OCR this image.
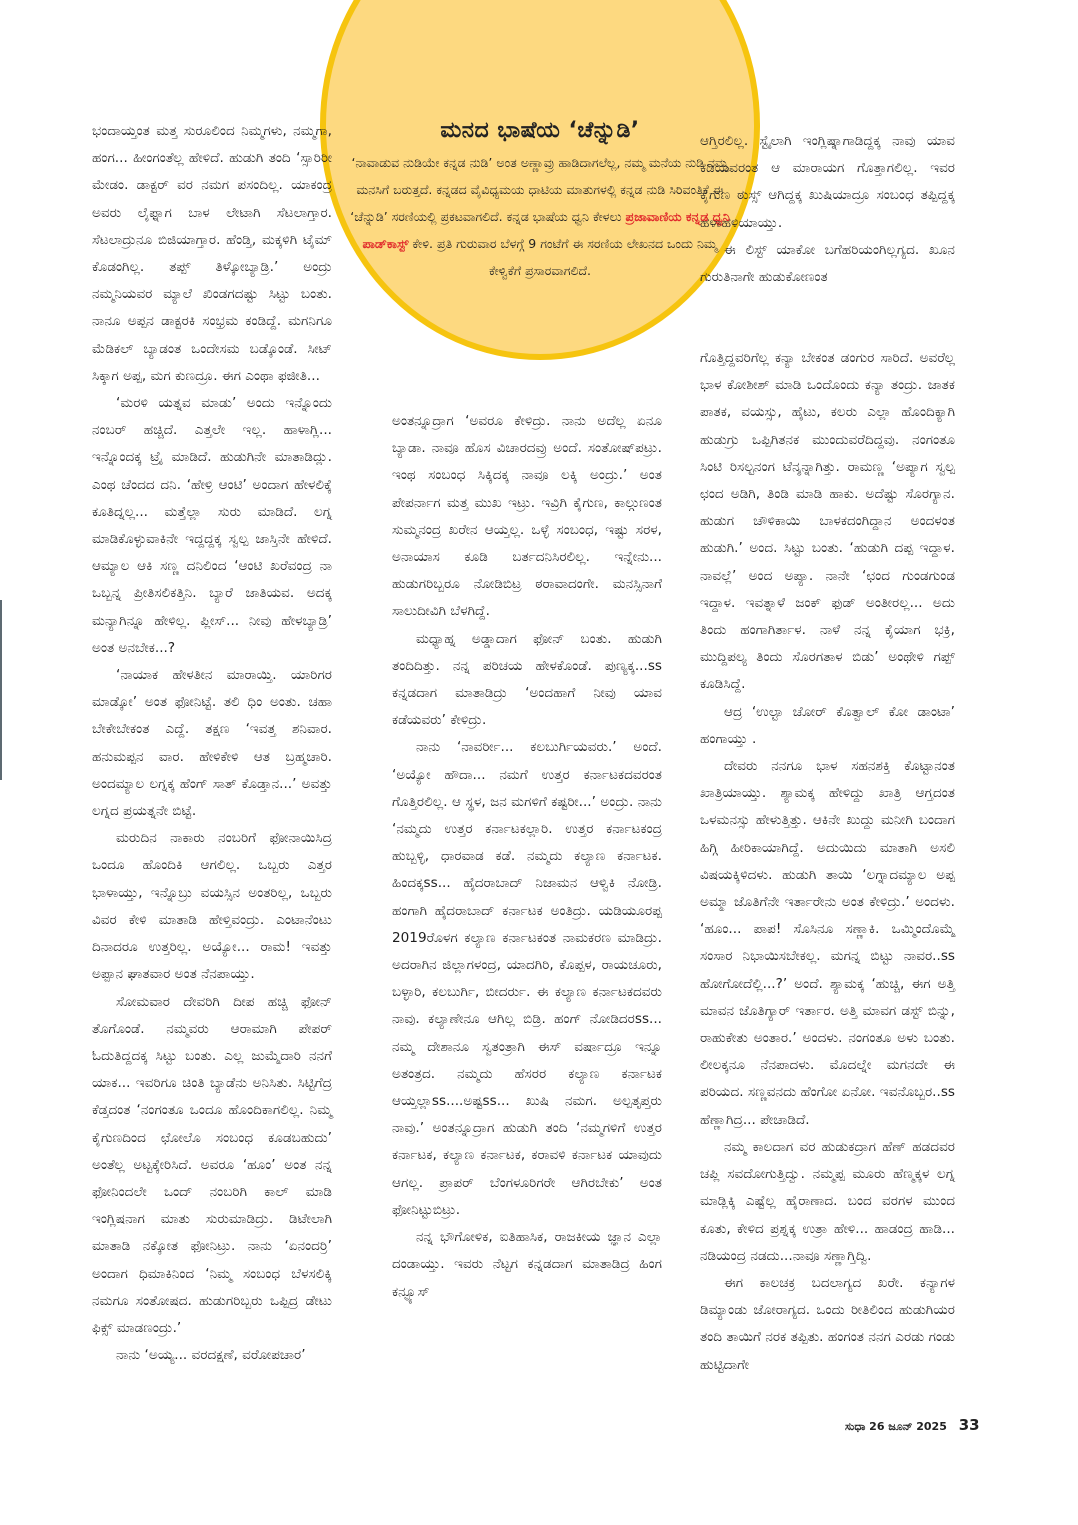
ಮನದ ಭಾಷೆಯ ‘ಚೆನ್ನುಡಿ’
‘ನಾವಾಡುವ ನುಡಿಯೇ ಕನ್ನಡ ನುಡಿ’ ಅಂತ ಅಣ್ಣಾವ್ರು ಹಾಡಿದಾಗಲೆಲ್ಲ, ನಮ್ಮ ಮನೆಯ ನುಡಿ ನಮ್ಮ ಮನಸಿಗೆ ಬರುತ್ತದೆ. ಕನ್ನಡದ ವೈವಿಧ್ಯಮಯ ಧಾಟಿಯ ಮಾತುಗಳಲ್ಲಿ ಕನ್ನಡ ನುಡಿ ಸಿರಿವಂತಿಕೆ ಈ ‘ಚೆನ್ನುಡಿ’ ಸರಣಿಯಲ್ಲಿ ಪ್ರಕಟವಾಗಲಿದೆ. ಕನ್ನಡ ಭಾಷೆಯ ಧ್ವನಿ ಕೇಳಲು ಪ್ರಜಾವಾಣಿಯ ಕನ್ನಡ ಧ್ವನಿ ಪಾಡ್‌ಕಾಸ್ಟ್ ಕೇಳಿ. ಪ್ರತಿ ಗುರುವಾರ ಬೆಳಗ್ಗೆ 9 ಗಂಟೆಗೆ ಈ ಸರಣಿಯ ಲೇಖನದ ಒಂದು ನಿಮ್ಮ ಕೇಳ್ವಿಕೆಗೆ ಪ್ರಸಾರವಾಗಲಿದೆ.

ಭಂದಾಯ್ತಂತ ಮತ್ತ ಸುರೂಲಿಂದ ನಿಮ್ಮಗಳು, ನಮ್ಮಗಾ, ಹಂಗ... ಹೀಂಗಂತೆಲ್ಲ ಹೇಳಿದೆ. ಹುಡುಗಿ ತಂದಿ ‘ಸ್ಸಾರಿರೀ ಮೇಡಂ. ಡಾಕ್ಟರ್ ವರ ನಮಗ ಪಸಂದಿಲ್ಲ. ಯಾಕಂದ್ರ ಅವರು ಲೈಫ್ನಾಗ ಬಾಳ ಲೇಟಾಗಿ ಸೆಟಲಾಗ್ತಾರ. ಸೆಟಲಾದ್ರುನೂ ಬಿಜಿಯಾಗ್ತಾರ. ಹೆಂಡ್ತಿ, ಮಕ್ಕಳಿಗಿ ಟೈಮ್ ಕೊಡಂಗಿಲ್ಲ. ತಪ್ಪ್ ತಿಳ್ಕೋಬ್ಯಾಡ್ರಿ.’ ಅಂದ್ರು ನಮ್ಮನಿಯವರ ಮ್ಯಾಲೆ ಖಿಂಡಗದಷ್ಟು ಸಿಟ್ಟು ಬಂತು. ನಾನೂ ಅಪ್ಪನ ಡಾಕ್ಟರಕಿ ಸಂಭ್ರಮ ಕಂಡಿದ್ದೆ. ಮಗನಿಗೂ ಮೆಡಿಕಲ್ ಬ್ಯಾಡಂತ ಒಂದೇಸಮ ಬಡ್ಕೊಂಡೆ. ಸೀಟ್ ಸಿಕ್ಕಾಗ ಅಪ್ಪ, ಮಗ ಕುಣದ್ರೂ. ಈಗ ಎಂಥಾ ಫಜೀತಿ...

‘ಮರಳಿ ಯತ್ನವ ಮಾಡು’ ಅಂದು ಇನ್ನೊಂದು ನಂಬರ್ ಹಚ್ಚಿದೆ. ಎತ್ತಲೇ ಇಲ್ಲ. ಹಾಳಾಗ್ಲಿ... ಇನ್ನೊಂದಕ್ಕ ಟ್ರೈ ಮಾಡಿದೆ. ಹುಡುಗಿನೇ ಮಾತಾಡಿದ್ಲು. ಎಂಥ ಚೆಂದದ ದನಿ. ‘ಹೇಳ್ರಿ ಆಂಟಿ’ ಅಂದಾಗ ಹೇಳಲಿಕ್ಕೆ ಕೂತಿದ್ನಲ್ಲ... ಮತ್ತೆಲ್ಲಾ ಸುರು ಮಾಡಿದೆ. ಲಗ್ನ ಮಾಡಿಕೊಳ್ಳುವಾಕಿನೇ ಇದ್ದದ್ದಕ್ಕ ಸ್ವಲ್ಪ ಜಾಸ್ತಿನೇ ಹೇಳಿದೆ. ಆಮ್ಯಾಲ ಆಕಿ ಸಣ್ಣ ದನಿಲಿಂದ ‘ಆಂಟಿ ಖರೆವಂದ್ರ ನಾ ಒಬ್ಬನ್ನ ಪ್ರೀತಿಸಲಿಕತ್ತಿನಿ. ಬ್ಯಾರೆ ಜಾತಿಯವ. ಅದಕ್ಕ ಮನ್ಯಾಗಿನ್ನೂ ಹೇಳಿಲ್ಲ. ಪ್ಲೀಸ್... ನೀವು ಹೇಳಬ್ಯಾಡ್ರಿ’ ಅಂತ ಅನಬೇಕ...?

‘ನಾಯಾಕ ಹೇಳತೀನ ಮಾರಾಯ್ತಿ. ಯಾರಿಗರ ಮಾಡ್ಕೋ’ ಅಂತ ಫೋನಿಟ್ಟೆ. ತಲಿ ಧಿಂ ಅಂತು. ಚಹಾ ಬೇಕೇಬೇಕಂತ ಎದ್ದೆ. ತಕ್ಷಣ ‘ಇವತ್ತ ಶನಿವಾರ. ಹನುಮಪ್ಪನ ವಾರ. ಹೇಳಿಕೇಳಿ ಆತ ಬ್ರಹ್ಮಚಾರಿ. ಅಂದಮ್ಯಾಲ ಲಗ್ನಕ್ಕ ಹೆಂಗ್ ಸಾತ್ ಕೊಡ್ತಾನ...’ ಅವತ್ತು ಲಗ್ನದ ಪ್ರಯತ್ನನೇ ಬಿಟ್ಟೆ.

ಮರುದಿನ ನಾಕಾರು ನಂಬರಿಗೆ ಫೋನಾಯಿಸಿದ್ರ ಒಂದೂ ಹೊಂದಿಕಿ ಆಗಲಿಲ್ಲ. ಒಬ್ಬರು ಎತ್ತರ ಭಾಳಾಯ್ತು, ಇನ್ನೊಬ್ರು ವಯಸ್ಸಿನ ಅಂತರಿಲ್ಲ, ಒಬ್ಬರು ವಿವರ ಕೇಳಿ ಮಾತಾಡಿ ಹೇಳ್ತಿವಂದ್ರು. ಎಂಟಾನೆಂಟು ದಿನಾದರೂ ಉತ್ತರಿಲ್ಲ. ಅಯ್ಯೋ... ರಾಮ! ಇವತ್ತು ಅಪ್ಪಾನ ಘಾತವಾರ ಅಂತ ನೆನಪಾಯ್ತು.

ಸೋಮವಾರ ದೇವರಿಗಿ ದೀಪ ಹಚ್ಚಿ ಫೋನ್ ತೊಗೊಂಡೆ. ನಮ್ಮವರು ಆರಾಮಾಗಿ ಪೇಪರ್ ಓದುತಿದ್ದದಕ್ಕ ಸಿಟ್ಟು ಬಂತು. ಎಲ್ಲ ಜುಮ್ಮೆದಾರಿ ನನಗೆ ಯಾಕ... ಇವರಿಗೂ ಚಿಂತಿ ಬ್ಯಾಡೆನು ಅನಿಸಿತು. ಸಿಟ್ಟಿಗೆದ್ರ ಕೆಡ್ತದಂತ ‘ನಂಗಂತೂ ಒಂದೂ ಹೊಂದಿಕಾಗಲಿಲ್ಲ. ನಿಮ್ಮ ಕೈಗುಣದಿಂದ ಛೋಲೊ ಸಂಬಂಧ ಕೂಡಬಹುದು’ ಅಂತೆಲ್ಲ ಅಟ್ಟಕ್ಕೇರಿಸಿದೆ. ಅವರೂ ‘ಹೂಂ’ ಅಂತ ನನ್ನ ಫೋನಿಂದಲೇ ಒಂದ್ ನಂಬರಿಗಿ ಕಾಲ್ ಮಾಡಿ ಇಂಗ್ಲಿಷನಾಗ ಮಾತು ಸುರುಮಾಡಿದ್ರು. ಡಿಟೇಲಾಗಿ ಮಾತಾಡಿ ನಕ್ಕೋತ ಫೋನಿಟ್ರು. ನಾನು ‘ಏನಂದರ್ರಿ’ ಅಂದಾಗ ಧಿಮಾಕಿನಿಂದ ‘ನಿಮ್ಮ ಸಂಬಂಧ ಬೆಳಸಲಿಕ್ಕಿ ನಮಗೂ ಸಂತೋಷದ. ಹುಡುಗರಿಬ್ಬರು ಒಪ್ಪಿದ್ರ ಡೇಟು ಫಿಕ್ಸ್ ಮಾಡಣಂದ್ರು.’

ನಾನು ‘ಅಯ್ಯ... ವರದಕ್ಷಣೆ, ವರೋಪಚಾರ’

ಅಂತನ್ನೂದ್ರಾಗ ‘ಅವರೂ ಕೇಳಿದ್ರು. ನಾನು ಅದೆಲ್ಲ ಏನೂ ಬ್ಯಾಡಾ. ನಾವೂ ಹೊಸ ವಿಚಾರದವ್ರು ಅಂದೆ. ಸಂತೋಷ್‌ಪಟ್ರು. ಇಂಥ ಸಂಬಂಧ ಸಿಕ್ಕಿದಕ್ಕ ನಾವೂ ಲಕ್ಕಿ ಅಂದ್ರು.’ ಅಂತ ಪೇಪರ್ನಾಗ ಮತ್ತ ಮುಖ ಇಟ್ರು. ಇವ್ರಿಗಿ ಕೈಗುಣ, ಕಾಲ್ಗುಣಂತ ಸುಮ್ಮನಂದ್ರ ಖರೇನ ಆಯ್ತಲ್ಲ. ಒಳ್ಳೆ ಸಂಬಂಧ, ಇಷ್ಟು ಸರಳ, ಅನಾಯಾಸ ಕೂಡಿ ಬರ್ತದನಿಸಿರಲಿಲ್ಲ. ಇನ್ನೇನು... ಹುಡುಗರಿಬ್ಬರೂ ನೋಡಿಬಿಟ್ರ ಠರಾವಾದಂಗೇ. ಮನಸ್ಸಿನಾಗೆ ಸಾಲುದೀವಿಗಿ ಬೆಳಗಿದ್ದೆ.

ಮಧ್ಯಾಹ್ನ ಅಡ್ಡಾದಾಗ ಫೋನ್ ಬಂತು. ಹುಡುಗಿ ತಂದಿದಿತ್ತು. ನನ್ನ ಪರಿಚಯ ಹೇಳಕೊಂಡೆ. ಪುಣ್ಯಕ್ಕ...ss ಕನ್ನಡದಾಗ ಮಾತಾಡಿದ್ರು ‘ಅಂದಹಾಗೆ ನೀವು ಯಾವ ಕಡೆಯವರು’ ಕೇಳಿದ್ರು.

ನಾನು ‘ನಾವರ್ರೀ... ಕಲಬುರ್ಗಿಯವರು.’ ಅಂದೆ. ‘ಅಯ್ಯೋ ಹೌದಾ... ನಮಗೆ ಉತ್ತರ ಕರ್ನಾಟಕದವರಂತ ಗೊತ್ತಿರಲಿಲ್ಲ. ಆ ಸ್ಥಳ, ಜನ ಮಗಳಿಗೆ ಕಷ್ಟರೀ...’ ಅಂದ್ರು. ನಾನು ‘ನಮ್ಮದು ಉತ್ತರ ಕರ್ನಾಟಕಲ್ಲಾರಿ. ಉತ್ತರ ಕರ್ನಾಟಕಂದ್ರ ಹುಬ್ಬಳ್ಳಿ, ಧಾರವಾಡ ಕಡೆ. ನಮ್ಮದು ಕಲ್ಯಾಣ ಕರ್ನಾಟಕ. ಹಿಂದಕ್ಕss... ಹೈದರಾಬಾದ್ ನಿಜಾಮನ ಆಳ್ವಿಕಿ ನೋಡ್ರಿ. ಹಂಗಾಗಿ ಹೈದರಾಬಾದ್ ಕರ್ನಾಟಕ ಅಂತಿದ್ರು. ಯಡಿಯೂರಪ್ಪ 2019ರೊಳಗ ಕಲ್ಯಾಣ ಕರ್ನಾಟಕಂತ ನಾಮಕರಣ ಮಾಡಿದ್ರು. ಅದರಾಗಿನ ಜಿಲ್ಲಾಗಳಂದ್ರ, ಯಾದಗಿರಿ, ಕೊಪ್ಪಳ, ರಾಯಚೂರು, ಬಳ್ಳಾರಿ, ಕಲಬುರ್ಗಿ, ಬೀದರ್ರು. ಈ ಕಲ್ಯಾಣ ಕರ್ನಾಟಕದವರು ನಾವು. ಕಲ್ಯಾಣೇನೂ ಆಗಿಲ್ಲ ಬಿಡ್ರಿ. ಹಂಗ್ ನೋಡಿದರss... ನಮ್ಮ ದೇಶಾನೂ ಸ್ವತಂತ್ರಾಗಿ ಈಸ್ ವರ್ಷಾದ್ರೂ ಇನ್ನೂ ಅತಂತ್ರದ. ನಮ್ಮದು ಹೆಸರರ ಕಲ್ಯಾಣ ಕರ್ನಾಟಕ ಆಯ್ತಲ್ಲಾss....ಅಷ್ಟss... ಖುಷಿ ನಮಗ. ಅಲ್ಪತೃಪ್ತರು ನಾವು.’ ಅಂತನ್ನೂದ್ರಾಗ ಹುಡುಗಿ ತಂದಿ ‘ನಮ್ಮಗಳಿಗೆ ಉತ್ತರ ಕರ್ನಾಟಕ, ಕಲ್ಯಾಣ ಕರ್ನಾಟಕ, ಕರಾವಳಿ ಕರ್ನಾಟಕ ಯಾವುದು ಆಗಲ್ಲ. ಪ್ರಾಪರ್ ಬೆಂಗಳೂರಿಗರೇ ಆಗಿರಬೇಕು’ ಅಂತ ಫೋನಿಟ್ಟುಬಿಟ್ರು.

ನನ್ನ ಭೌಗೋಳಿಕ, ಐತಿಹಾಸಿಕ, ರಾಜಕೀಯ ಜ್ಞಾನ ಎಲ್ಲಾ ದಂಡಾಯ್ತು. ಇವರು ನೆಟ್ಟಗ ಕನ್ನಡದಾಗ ಮಾತಾಡಿದ್ರ ಹಿಂಗ ಕನ್ಫ್ಯೂಸ್

ಆಗ್ತಿರಲಿಲ್ಲ. ಸ್ಟೈಲಾಗಿ ಇಂಗ್ಲಿಷ್ನಾಗಾಡಿದ್ದಕ್ಕ ನಾವು ಯಾವ ಕಡಿಯವರಂತ ಆ ಮಾರಾಯಗ ಗೊತ್ತಾಗಲಿಲ್ಲ. ಇವರ ಕೈಗುಣ ಠುಸ್ಸ್ ಆಗಿದ್ದಕ್ಕ ಖುಷಿಯಾದ್ರೂ ಸಂಬಂಧ ತಪ್ಪಿದ್ದಕ್ಕ ಹಳಾಹಳಿಯಾಯ್ತು.

ಈ ಲಿಸ್ಟ್ ಯಾಕೋ ಬಗೆಹರಿಯಂಗಿಲ್ಲಗ್ಯದ. ಖೂನ ಗುರುತಿನಾಗೇ ಹುಡುಕೋಣಂತ

ಗೊತ್ತಿದ್ದವರಿಗೆಲ್ಲ ಕನ್ಯಾ ಬೇಕಂತ ಡಂಗುರ ಸಾರಿದೆ. ಅವರೆಲ್ಲ ಭಾಳ ಕೋಶೀಶ್ ಮಾಡಿ ಒಂದೊಂದು ಕನ್ಯಾ ತಂದ್ರು. ಜಾತಕ ಪಾತಕ, ವಯಸ್ಸು, ಹೈಟು, ಕಲರು ಎಲ್ಲಾ ಹೊಂದಿಕ್ಯಾಗಿ ಹುಡುಗ್ರು ಒಪ್ಪಿಗಿತನಕ ಮುಂದುವರೆದಿದ್ದವು. ನಂಗಂತೂ ಸಿಂಟಿ ರಿಸಲ್ಟನಂಗ ಟೆನ್ಶನ್ನಾಗಿತ್ತು. ರಾಮಣ್ಣ ‘ಅಪ್ಯಾಗ ಸ್ವಲ್ಪ ಛಂದ ಅಡಿಗಿ, ತಿಂಡಿ ಮಾಡಿ ಹಾಕು. ಅದೆಷ್ಟು ಸೊರಗ್ಯಾನ. ಹುಡುಗ ಚೌಳಿಕಾಯಿ ಬಾಳಕದಂಗಿದ್ದಾನ ಅಂದಳಂತ ಹುಡುಗಿ.’ ಅಂದ. ಸಿಟ್ಟು ಬಂತು. ‘ಹುಡುಗಿ ದಪ್ಪ ಇದ್ದಾಳ. ನಾವಲ್ಲೆ’ ಅಂದ ಅಪ್ಯಾ. ನಾನೇ ‘ಛಂದ ಗುಂಡಗುಂಡ ಇದ್ದಾಳ. ಇವತ್ನಾಳೆ ಜಂಕ್ ಫುಡ್ ಅಂತೀರಲ್ಲ... ಅದು ತಿಂದು ಹಂಗಾಗಿರ್ತಾಳ. ನಾಳೆ ನನ್ನ ಕೈಯಾಗ ಭಕ್ರಿ, ಮುದ್ದಿಪಲ್ಯ ತಿಂದು ಸೊರಗತಾಳ ಬಿಡು’ ಅಂಥೇಳಿ ಗಪ್ಪ್ ಕೂಡಿಸಿದ್ದೆ.

ಆದ್ರ ‘ಉಲ್ಟಾ ಚೋರ್ ಕೊತ್ವಾಲ್ ಕೋ ಡಾಂಟಾ’ ಹಂಗಾಯ್ತು .

ದೇವರು ನನಗೂ ಭಾಳ ಸಹನಶಕ್ತಿ ಕೊಟ್ಟಾನಂತ ಖಾತ್ರಿಯಾಯ್ತು. ಶ್ಯಾಮಕ್ಕ ಹೇಳಿದ್ದು ಖಾತ್ರಿ ಆಗ್ತದಂತ ಒಳಮನಸ್ಸು ಹೇಳುತ್ತಿತ್ತು. ಆಕಿನೇ ಖುದ್ದು ಮನೀಗಿ ಬಂದಾಗ ಹಿಗ್ಗಿ ಹೀರಿಕಾಯಾಗಿದ್ದೆ. ಅದುಯಿದು ಮಾತಾಗಿ ಅಸಲಿ ವಿಷಯಕ್ಕಿಳಿದಳು. ಹುಡುಗಿ ತಾಯಿ ‘ಲಗ್ನಾದಮ್ಯಾಲ ಅಪ್ಪ ಅಮ್ಮಾ ಜೊತಿಗೆನೇ ಇರ್ತಾರೇನು ಅಂತ ಕೇಳಿದ್ರು.’ ಅಂದಳು. ‘ಹೂಂ... ಪಾಪ! ಸೊಸಿನೂ ಸಣ್ಣಾಕಿ. ಒಮ್ಮಿಂದೊಮ್ಮೆ ಸಂಸಾರ ನಿಭಾಯಿಸಬೇಕಲ್ಲ. ಮಗನ್ನ ಬಿಟ್ಟು ನಾವರ..ss ಹೋಗೋದೆಲ್ಲಿ...?’ ಅಂದೆ. ಶ್ಯಾಮಕ್ಕ ‘ಹುಚ್ಚಿ, ಈಗ ಅತ್ತಿ ಮಾವನ ಜೊತಿಗ್ಯಾರ್ ಇರ್ತಾರ. ಅತ್ತಿ ಮಾವಗ ಡಸ್ಟ್ ಬಿನ್ನು, ರಾಹುಕೇತು ಅಂತಾರ.’ ಅಂದಳು. ನಂಗಂತೂ ಅಳು ಬಂತು. ಲೀಲಕ್ಕನೂ ನೆನಪಾದಳು. ಮೊದಲ್ನೇ ಮಗನದೇ ಈ ಪರಿಯದ. ಸಣ್ಣವನದು ಹೆಂಗೋ ಏನೋ. ಇವನೊಬ್ಬರ..ss ಹೆಣ್ಣಾಗಿದ್ರ... ಪೇಚಾಡಿದೆ.

ನಮ್ಮ ಕಾಲದಾಗ ವರ ಹುಡುಕದ್ರಾಗ ಹೆಣ್ ಹಡದವರ ಚಪ್ಲಿ ಸವದೋಗುತ್ತಿದ್ವು. ನಮ್ಮಪ್ಪ ಮೂರು ಹೆಣ್ಮಕ್ಕಳ ಲಗ್ನ ಮಾಡ್ಲಿಕ್ಕಿ ಎಷ್ಟೆಲ್ಲ ಹೈರಾಣಾದ. ಬಂದ ವರಗಳ ಮುಂದ ಕೂತು, ಕೇಳಿದ ಪ್ರಶ್ನಕ್ಕ ಉತ್ರಾ ಹೇಳಿ... ಹಾಡಂದ್ರ ಹಾಡಿ... ನಡಿಯಂದ್ರ ನಡದು...ನಾವೂ ಸಣ್ಣಾಗ್ತಿದ್ವಿ.

ಈಗ ಕಾಲಚಕ್ರ ಬದಲಾಗ್ಯದ ಖರೇ. ಕನ್ಯಾಗಳ ಡಿಮ್ಯಾಂಡು ಜೋರಾಗ್ಯದ. ಒಂದು ರೀತಿಲಿಂದ ಹುಡುಗಿಯರ ತಂದಿ ತಾಯಿಗೆ ನರಕ ತಪ್ಪಿತು. ಹಂಗಂತ ನನಗ ಎರಡು ಗಂಡು ಹುಟ್ಟಿದಾಗೇ

ಸುಧಾ 26 ಜೂನ್ 2025 33
